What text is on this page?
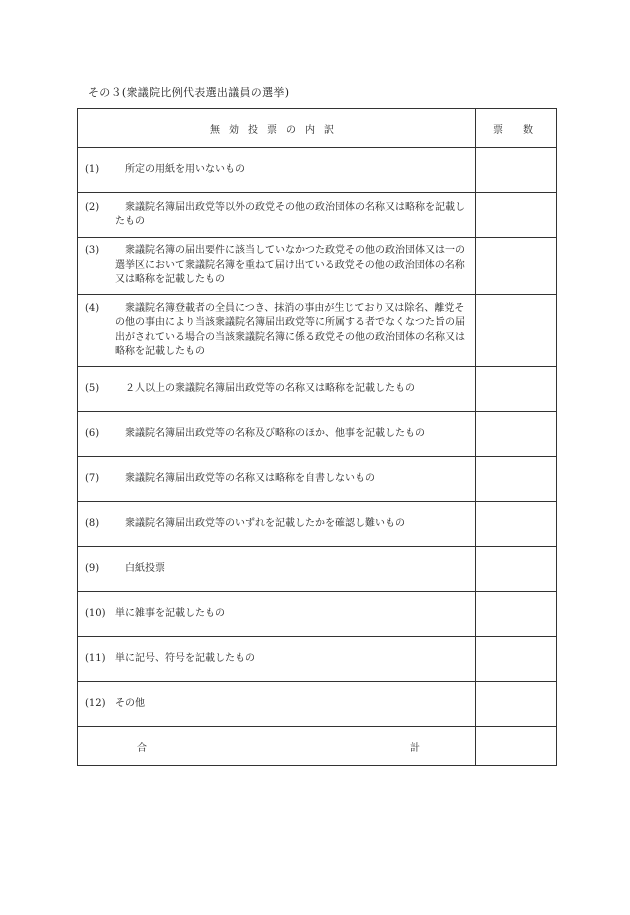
その３(衆議院比例代表選出議員の選挙)
無効投票の内訳	票数

(1) 所定の用紙を用いないもの	

(2) 衆議院名簿届出政党等以外の政党その他の政治団体の名称又は略称を記載したもの	

(3) 衆議院名簿の届出要件に該当していなかつた政党その他の政治団体又は一の選挙区において衆議院名簿を重ねて届け出ている政党その他の政治団体の名称又は略称を記載したもの	

(4) 衆議院名簿登載者の全員につき、抹消の事由が生じており又は除名、離党その他の事由により当該衆議院名簿届出政党等に所属する者でなくなつた旨の届出がされている場合の当該衆議院名簿に係る政党その他の政治団体の名称又は略称を記載したもの	

(5) ２人以上の衆議院名簿届出政党等の名称又は略称を記載したもの	

(6) 衆議院名簿届出政党等の名称及び略称のほか、他事を記載したもの	

(7) 衆議院名簿届出政党等の名称又は略称を自書しないもの	

(8) 衆議院名簿届出政党等のいずれを記載したかを確認し難いもの	

(9) 白紙投票	

(10) 単に雑事を記載したもの	

(11) 単に記号、符号を記載したもの	

(12) その他	

合 計	
